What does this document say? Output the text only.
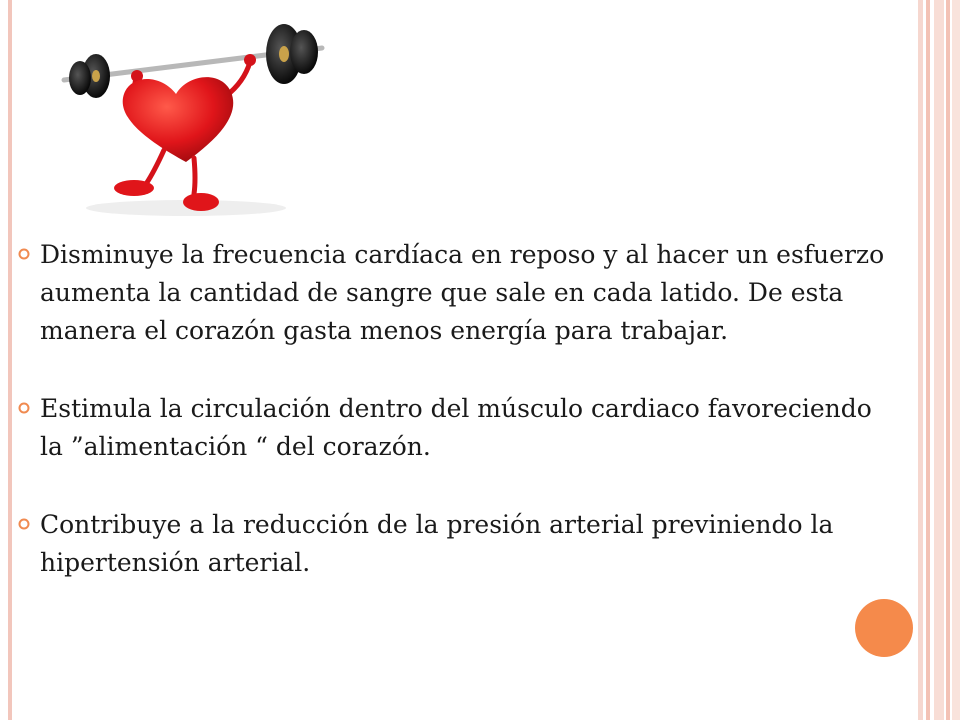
Disminuye la frecuencia cardíaca en reposo y al hacer un esfuerzo aumenta la cantidad de sangre que sale en cada latido. De esta manera el corazón gasta menos energía para trabajar.
Estimula la circulación dentro del músculo cardiaco favoreciendo la ”alimentación “ del corazón.
Contribuye a la reducción de la presión arterial previniendo la hipertensión arterial.
